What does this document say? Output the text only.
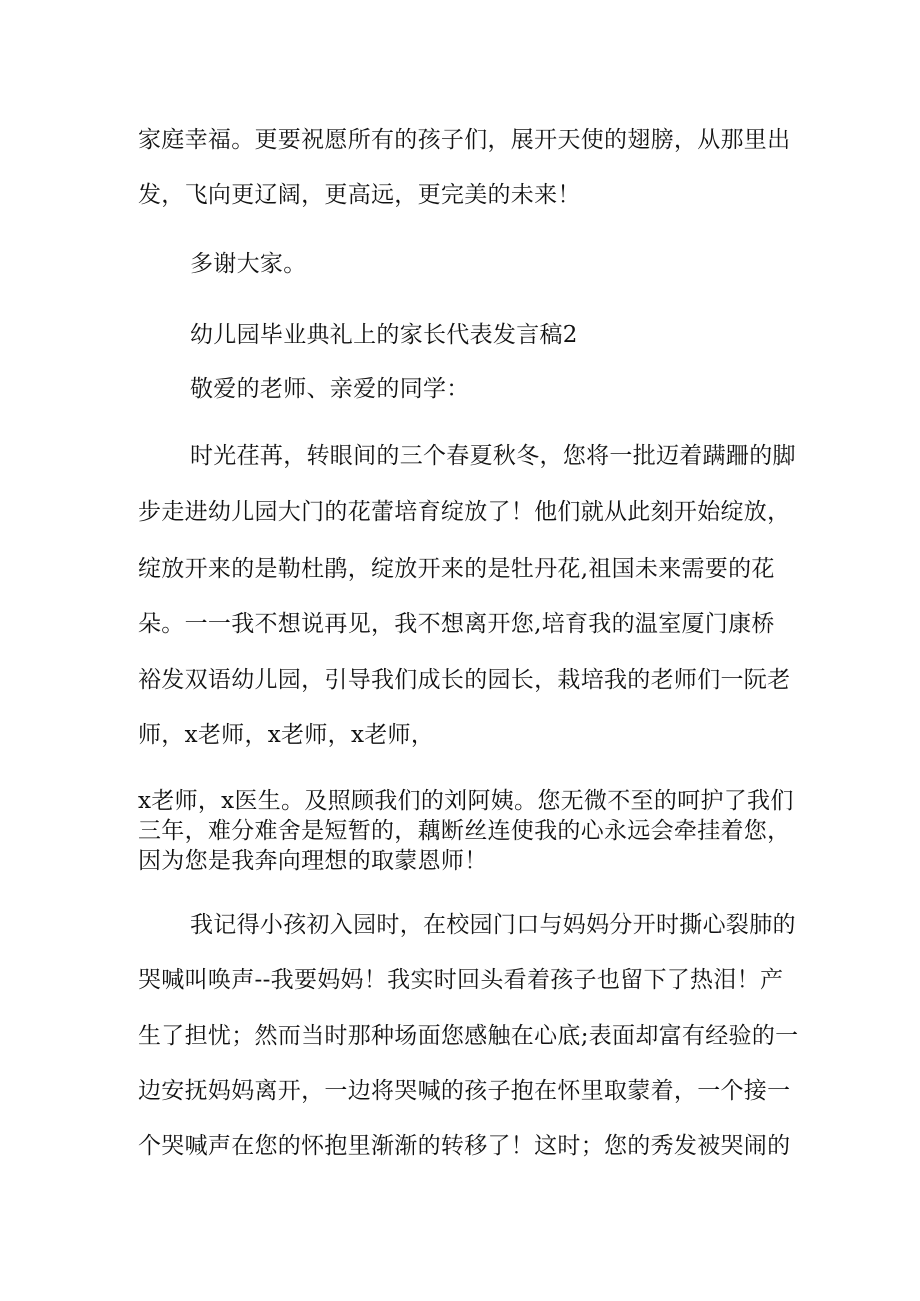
家庭幸福。更要祝愿所有的孩子们，展开天使的翅膀，从那里出
发，飞向更辽阔，更高远，更完美的未来！
多谢大家。
幼儿园毕业典礼上的家长代表发言稿2
敬爱的老师、亲爱的同学：
时光荏苒，转眼间的三个春夏秋冬，您将一批迈着蹒跚的脚
步走进幼儿园大门的花蕾培育绽放了！他们就从此刻开始绽放，
绽放开来的是勒杜鹃，绽放开来的是牡丹花,祖国未来需要的花
朵。一一我不想说再见，我不想离开您,培育我的温室厦门康桥
裕发双语幼儿园，引导我们成长的园长，栽培我的老师们一阮老
师，x老师，x老师，x老师，
x老师，x医生。及照顾我们的刘阿姨。您无微不至的呵护了我们
三年，难分难舍是短暂的，藕断丝连使我的心永远会牵挂着您，
因为您是我奔向理想的取蒙恩师！
我记得小孩初入园时，在校园门口与妈妈分开时撕心裂肺的
哭喊叫唤声--我要妈妈！我实时回头看着孩子也留下了热泪！产
生了担忧；然而当时那种场面您感触在心底;表面却富有经验的一
边安抚妈妈离开，一边将哭喊的孩子抱在怀里取蒙着，一个接一
个哭喊声在您的怀抱里渐渐的转移了！这时；您的秀发被哭闹的
